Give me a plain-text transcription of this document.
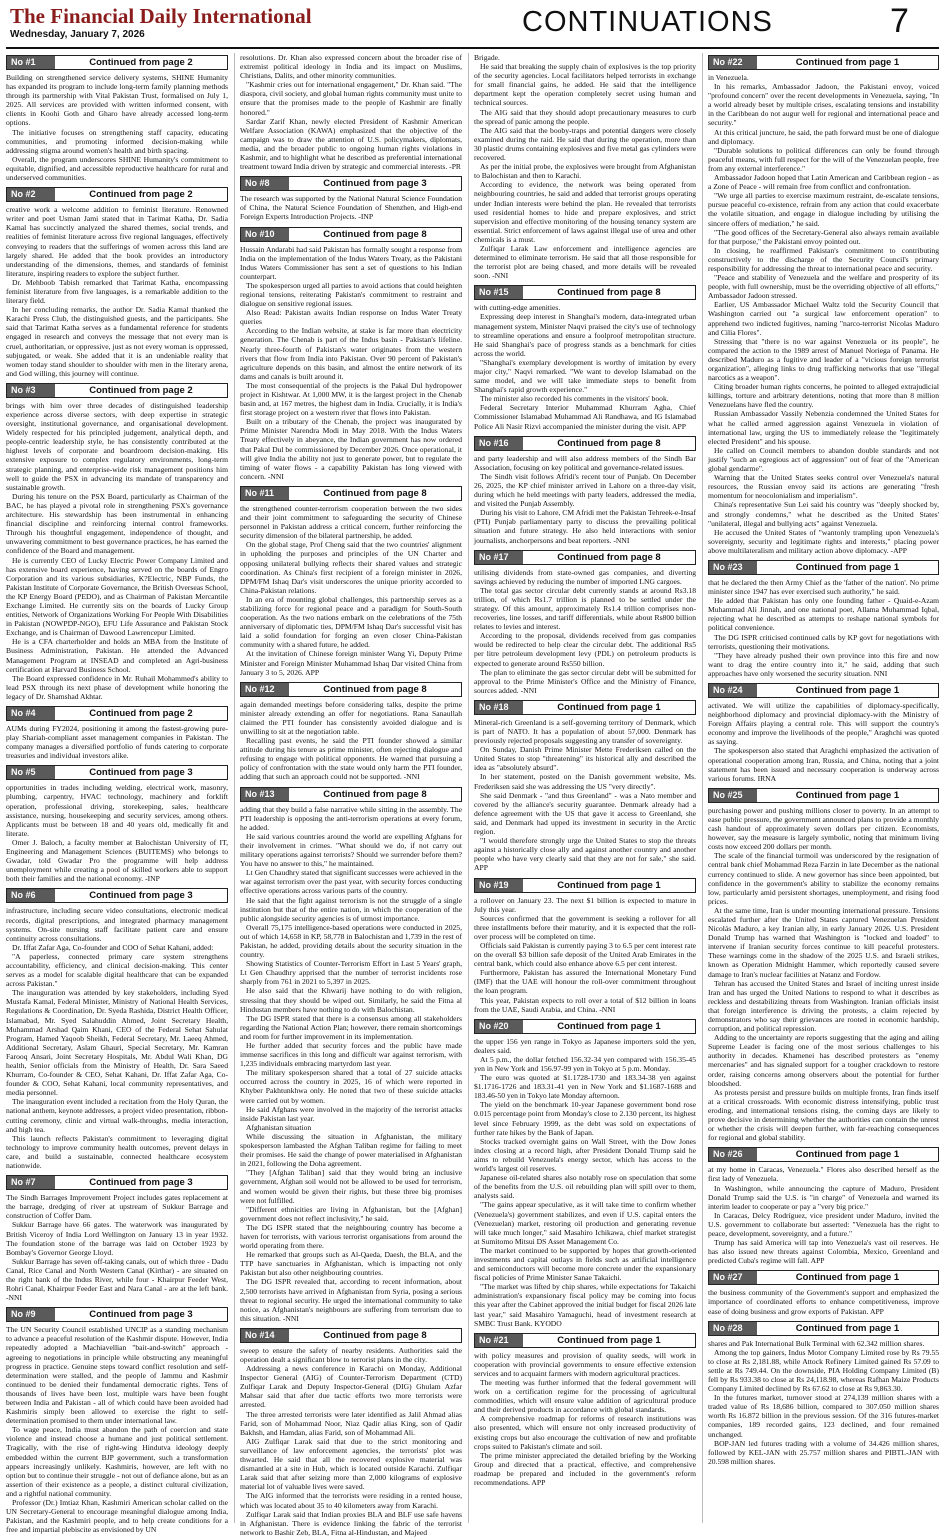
The Financial Daily International
Wednesday, January 7, 2026	CONTINUATIONS	7
No #1	Continued from page 2

Building on strengthened service delivery systems, SHINE Humanity has expanded its program to include long-term family planning methods through its partnership with Vital Pakistan Trust, formalised on July 1, 2025. All services are provided with written informed consent, with clients in Koohi Goth and Gharo have already accessed long-term options.

The initiative focuses on strengthening staff capacity, educating communities, and promoting informed decision-making while addressing stigma around women's health and birth spacing.

Overall, the program underscores SHINE Humanity's commitment to equitable, dignified, and accessible reproductive healthcare for rural and underserved communities.

No #2	Continued from page 2

creative work a welcome addition to feminist literature. Renowned writer and poet Usman Jami stated that in Tarimat Katha, Dr. Sadia Kamal has succinctly analyzed the shared themes, social trends, and realities of feminist literature across five regional languages, effectively conveying to readers that the sufferings of women across this land are largely shared. He added that the book provides an introductory understanding of the dimensions, themes, and standards of feminist literature, inspiring readers to explore the subject further.

Dr. Mehboob Tabish remarked that Tarimat Katha, encompassing feminist literature from five languages, is a remarkable addition to the literary field.

In her concluding remarks, the author Dr. Sadia Kamal thanked the Karachi Press Club, the distinguished guests, and the participants. She said that Tarimat Katha serves as a fundamental reference for students engaged in research and conveys the message that not every man is cruel, authoritarian, or oppressive, just as not every woman is oppressed, subjugated, or weak. She added that it is an undeniable reality that women today stand shoulder to shoulder with men in the literary arena, and God willing, this journey will continue.

No #3	Continued from page 2

brings with him over three decades of distinguished leadership experience across diverse sectors, with deep expertise in strategic oversight, institutional governance, and organisational development. Widely respected for his principled judgement, analytical depth, and people-centric leadership style, he has consistently contributed at the highest levels of corporate and boardroom decision-making. His extensive exposure to complex regulatory environments, long-term strategic planning, and enterprise-wide risk management positions him well to guide the PSX in advancing its mandate of transparency and sustainable growth.

During his tenure on the PSX Board, particularly as Chairman of the BAC, he has played a pivotal role in strengthening PSX's governance architecture. His stewardship has been instrumental in enhancing financial discipline and reinforcing internal control frameworks. Through his thoughtful engagement, independence of thought, and unwavering commitment to best governance practices, he has earned the confidence of the Board and management.

He is currently CEO of Lucky Electric Power Company Limited and has extensive board experience, having served on the boards of Engro Corporation and its various subsidiaries, K?Electric, NBP Funds, the Pakistan Institute of Corporate Governance, the British Overseas School, the KP Energy Board (PEDO), and as Chairman of Pakistan Mercantile Exchange Limited. He currently sits on the boards of Lucky Group entities, Network of Organizations Working For People With Disabilities in Pakistan (NOWPDP-NGO), EFU Life Assurance and Pakistan Stock Exchange, and is Chairman of Dawood Lawrencepur Limited.

He is a CFA charterholder and holds an MBA from the Institute of Business Administration, Pakistan. He attended the Advanced Management Program at INSEAD and completed an Agri-business certification at Harvard Business School.

The Board expressed confidence in Mr. Ruhail Mohammed's ability to lead PSX through its next phase of development while honoring the legacy of Dr. Shamshad Akhtar.

No #4	Continued from page 2

AUMs during FY2024, positioning it among the fastest-growing pure-play Shariah-compliant asset management companies in Pakistan. The company manages a diversified portfolio of funds catering to corporate treasuries and individual investors alike.

No #5	Continued from page 3

opportunities in trades including welding, electrical work, masonry, plumbing, carpentry, HVAC technology, machinery and forklift operation, professional driving, storekeeping, sales, healthcare assistance, nursing, housekeeping and security services, among others. Applicants must be between 18 and 40 years old, medically fit and literate.

Omer J. Baloch, a faculty member at Balochistan University of IT, Engineering and Management Sciences (BUITEMS) who belongs to Gwadar, told Gwadar Pro the programme will help address unemployment while creating a pool of skilled workers able to support both their families and the national economy. -INP

No #6	Continued from page 3

infrastructure, including secure video consultations, electronic medical records, digital prescriptions, and integrated pharmacy management systems. On-site nursing staff facilitate patient care and ensure continuity across consultations.

Dr. Iffat Zafar Aga, Co-founder and COO of Sehat Kahani, added:

"A paperless, connected primary care system strengthens accountability, efficiency, and clinical decision-making. This center serves as a model for scalable digital healthcare that can be expanded across Pakistan."

The inauguration was attended by key stakeholders, including Syed Mustafa Kamal, Federal Minister, Ministry of National Health Services, Regulations & Coordination, Dr. Syeda Rashida, District Health Officer, Islamabad, Mr. Syed Salahuddin Ahmed, Joint Secretary Health, Muhammad Arshad Qaim Khani, CEO of the Federal Sehat Sahulat Program, Hamed Yaqoob Sheikh, Federal Secretary, Mr. Laeeq Ahmed, Additional Secretary, Aslam Ghauri, Special Secretary, Mr. Kamran Farooq Ansari, Joint Secretary Hospitals, Mr. Abdul Wali Khan, DG health, Senior officials from the Ministry of Health, Dr. Sara Saeed Khurram, Co-founder & CEO, Sehat Kahani, Dr. Iffat Zafar Aga, Co-founder & COO, Sehat Kahani, local community representatives, and media personnel.

The inauguration event included a recitation from the Holy Quran, the national anthem, keynote addresses, a project video presentation, ribbon-cutting ceremony, clinic and virtual walk-throughs, media interaction, and high tea.

This launch reflects Pakistan's commitment to leveraging digital technology to improve community health outcomes, prevent delays in care, and build a sustainable, connected healthcare ecosystem nationwide.

No #7	Continued from page 3

The Sindh Barrages Improvement Project includes gates replacement at the barrage, dredging of river at upstream of Sukkur Barrage and construction of Coffer Dam.

Sukkur Barrage have 66 gates. The waterwork was inaugurated by British Viceroy of India Lord Wellington on January 13 in year 1932. The foundation stone of the barrage was laid on October 1923 by Bombay's Governor George Lloyd.

Sukkur Barrage has seven off-taking canals, out of which three - Dadu Canal, Rice Canal and North Western Canal (Kirthar) - are situated on the right bank of the Indus River, while four - Khairpur Feeder West, Rohri Canal, Khairpur Feeder East and Nara Canal - are at the left bank. -NNI

No #9	Continued from page 3

The UN Security Council established UNCIP as a standing mechanism to advance a peaceful resolution of the Kashmir dispute. However, India repeatedly adopted a Machiavellian "bait-and-switch" approach - agreeing to negotiations in principle while obstructing any meaningful progress in practice. Genuine steps toward conflict resolution and self-determination were stalled, and the people of Jammu and Kashmir continued to be denied their fundamental democratic rights. Tens of thousands of lives have been lost, multiple wars have been fought between India and Pakistan - all of which could have been avoided had Kashmiris simply been allowed to exercise the right to self-determination promised to them under international law.

To wage peace, India must abandon the path of coercion and state violence and instead choose a humane and just political settlement. Tragically, with the rise of right-wing Hindutva ideology deeply embedded within the current BJP government, such a transformation appears increasingly unlikely. Kashmiris, however, are left with no option but to continue their struggle - not out of defiance alone, but as an assertion of their existence as a people, a distinct cultural civilization, and a rightful national community.

Professor (Dr.) Imtiaz Khan, Kashmiri American scholar called on the UN Secretary-General to encourage meaningful dialogue among India, Pakistan, and the Kashmiri people, and to help create conditions for a free and impartial plebiscite as envisioned by UN

resolutions. Dr. Khan also expressed concern about the broader rise of extremist political ideology in India and its impact on Muslims, Christians, Dalits, and other minority communities.

"Kashmir cries out for international engagement," Dr. Khan said. "The diaspora, civil society, and global human rights community must unite to ensure that the promises made to the people of Kashmir are finally honored."

Sardar Zarif Khan, newly elected President of Kashmir American Welfare Association (KAWA) emphasized that the objective of the campaign was to draw the attention of U.S. policymakers, diplomats, media, and the broader public to ongoing human rights violations in Kashmir, and to highlight what he described as preferential international treatment toward India driven by strategic and commercial interests. -PR

No #8	Continued from page 3

The research was supported by the National Natural Science Foundation of China, the Natural Science Foundation of Shenzhen, and High-end Foreign Experts Introduction Projects. -INP

No #10	Continued from page 8

Hussain Andarabi had said Pakistan has formally sought a response from India on the implementation of the Indus Waters Treaty, as the Pakistani Indus Waters Commissioner has sent a set of questions to his Indian counterpart.

The spokesperson urged all parties to avoid actions that could heighten regional tensions, reiterating Pakistan's commitment to restraint and dialogue on sensitive regional issues.

Also Read: Pakistan awaits Indian response on Indus Water Treaty queries

According to the Indian website, at stake is far more than electricity generation. The Chenab is part of the Indus basin - Pakistan's lifeline. Nearly three-fourth of Pakistan's water originates from the western rivers that flow from India into Pakistan. Over 90 percent of Pakistan's agriculture depends on this basin, and almost the entire network of its dams and canals is built around it.

The most consequential of the projects is the Pakal Dul hydropower project in Kishtwar. At 1,000 MW, it is the largest project in the Chenab basin and, at 167 metres, the highest dam in India. Crucially, it is India's first storage project on a western river that flows into Pakistan.

Built on a tributary of the Chenab, the project was inaugurated by Prime Minister Narendra Modi in May 2018. With the Indus Waters Treaty effectively in abeyance, the Indian government has now ordered that Pakal Dul be commissioned by December 2026. Once operational, it will give India the ability not just to generate power, but to regulate the timing of water flows - a capability Pakistan has long viewed with concern. -NNI

No #11	Continued from page 8

the strengthened counter-terrorism cooperation between the two sides and their joint commitment to safeguarding the security of Chinese personnel in Pakistan address a critical concern, further reinforcing the security dimension of the bilateral partnership, he added.

On the global stage, Prof Cheng said that the two countries' alignment in upholding the purposes and principles of the UN Charter and opposing unilateral bullying reflects their shared values and strategic coordination. As China's first recipient of a foreign minister in 2026, DPM/FM Ishaq Dar's visit underscores the unique priority accorded to China-Pakistan relations.

In an era of mounting global challenges, this partnership serves as a stabilizing force for regional peace and a paradigm for South-South cooperation. As the two nations embark on the celebrations of the 75th anniversary of diplomatic ties, DPM/FM Ishaq Dar's successful visit has laid a solid foundation for forging an even closer China-Pakistan community with a shared future, he added.

At the invitation of Chinese foreign minister Wang Yi, Deputy Prime Minister and Foreign Minister Muhammad Ishaq Dar visited China from January 3 to 5, 2026. APP

No #12	Continued from page 8

again demanded meetings before considering talks, despite the prime minister already extending an offer for negotiations. Rana Sanaullah claimed the PTI founder has consistently avoided dialogue and is unwilling to sit at the negotiation table.

Recalling past events, he said the PTI founder showed a similar attitude during his tenure as prime minister, often rejecting dialogue and refusing to engage with political opponents. He warned that pursuing a policy of confrontation with the state would only harm the PTI founder, adding that such an approach could not be supported. -NNI

No #13	Continued from page 8

adding that they build a false narrative while sitting in the assembly. The PTI leadership is opposing the anti-terrorism operations at every forum, he added.

He said various countries around the world are expelling Afghans for their involvement in crimes. "What should we do, if not carry out military operations against terrorists? Should we surrender before them? You have no answer to this," he maintained.

Lt Gen Chaudhry stated that significant successes were achieved in the war against terrorism over the past year, with security forces conducting effective operations across various parts of the country.

He said that the fight against terrorism is not the struggle of a single institution but that of the entire nation, in which the cooperation of the public alongside security agencies is of utmost importance.

Overall 75,175 intelligence-based operations were conducted in 2025, out of which 14,658 in KP, 58,778 in Balochistan and 1,739 in the rest of Pakistan, he added, providing details about the security situation in the country.

Showing Statistics of Counter-Terrorism Effort in Last 5 Years' graph, Lt Gen Chaudhry apprised that the number of terrorist incidents rose sharply from 761 in 2021 to 5,397 in 2025.

He also said that the Khwarij have nothing to do with religion, stressing that they should be wiped out. Similarly, he said the Fitna al Hindustan members have nothing to do with Balochistan.

The DG ISPR stated that there is a consensus among all stakeholders regarding the National Action Plan; however, there remain shortcomings and room for further improvement in its implementation.

He further added that security forces and the public have made immense sacrifices in this long and difficult war against terrorism, with 1,235 individuals embracing martyrdom last year.

The military spokesperson shared that a total of 27 suicide attacks occurred across the country in 2025, 16 of which were reported in Khyber Pakhtunkhwa only. He noted that two of these suicide attacks were carried out by women.

He said Afghans were involved in the majority of the terrorist attacks inside Pakistan last year.

Afghanistan situation

While discussing the situation in Afghanistan, the military spokesperson lambasted the Afghan Taliban regime for failing to meet their promises. He said the change of power materialised in Afghanistan in 2021, following the Doha agreement.

"They [Afghan Taliban] said that they would bring an inclusive government, Afghan soil would not be allowed to be used for terrorism, and women would be given their rights, but these three big promises were not fulfilled.

"Different ethnicities are living in Afghanistan, but the [Afghan] government does not reflect inclusivity," he said.

The DG ISPR stated that the neighbouring country has become a haven for terrorists, with various terrorist organisations from around the world operating from there.

He remarked that groups such as Al-Qaeda, Daesh, the BLA, and the TTP have sanctuaries in Afghanistan, which is impacting not only Pakistan but also other neighbouring countries.

The DG ISPR revealed that, according to recent information, about 2,500 terrorists have arrived in Afghanistan from Syria, posing a serious threat to regional security. He urged the international community to take notice, as Afghanistan's neighbours are suffering from terrorism due to this situation. -NNI

No #14	Continued from page 8

sweep to ensure the safety of nearby residents. Authorities said the operation dealt a significant blow to terrorist plans in the city.

Addressing a news conference in Karachi on Monday, Additional Inspector General (AIG) of Counter-Terrorism Department (CTD) Zulfiqar Larak and Deputy Inspector-General (DIG) Ghulam Azfar Mahsar said that after due tactic efforts two more terrorists were arrested.

The three arrested terrorists were later identified as Jalil Ahmad alias Farid, son of Mohammad Noor, Niaz Qadir alias King, son of Qadir Bakhsh, and Hamdan, alias Farid, son of Mohammad Ali.

AIG Zulfiqar Larak said that due to the strict monitoring and surveillance of law enforcement agencies, the terrorists' plot was thwarted. He said that all the recovered explosive material was dismantled at a site in Hub, which is located outside Karachi. Zulfiqar Larak said that after seizing more than 2,000 kilograms of explosive material lot of valuable lives were saved.

The AIG informed that the terrorists were residing in a rented house, which was located about 35 to 40 kilometers away from Karachi.

Zulfiqar Larak said that Indian proxies BLA and BLF use safe havens in Afghanistan. There is evidence linking the fabric of the terrorist network to Bashir Zeb, BLA, Fitna al-Hindustan, and Majeed

Brigade.

He said that breaking the supply chain of explosives is the top priority of the security agencies. Local facilitators helped terrorists in exchange for small financial gains, he added. He said that the intelligence department kept the operation completely secret using human and technical sources.

The AIG said that they should adopt precautionary measures to curb the spread of panic among the people.

The AIG said that the booby-traps and potential dangers were closely examined during the raid. He said that during the operation, more than 30 plastic drums containing explosives and five metal gas cylinders were recovered.

As per the initial probe, the explosives were brought from Afghanistan to Balochistan and then to Karachi.

According to evidence, the network was being operated from neighbouring countries, he said and added that terrorist groups operating under Indian interests were behind the plan. He revealed that terrorists used residential homes to hide and prepare explosives, and strict supervision and effective monitoring of the housing tenancy system are essential. Strict enforcement of laws against illegal use of urea and other chemicals is a must.

Zulfiqar Larak Law enforcement and intelligence agencies are determined to eliminate terrorism. He said that all those responsible for the terrorist plot are being chased, and more details will be revealed soon. -NNI

No #15	Continued from page 8

with cutting-edge amenities.

Expressing deep interest in Shanghai's modern, data-integrated urban management system, Minister Naqvi praised the city's use of technology to streamline operations and ensure a foolproof metropolitan structure. He said Shanghai's pace of progress stands as a benchmark for cities across the world.

"Shanghai's exemplary development is worthy of imitation by every major city," Naqvi remarked. "We want to develop Islamabad on the same model, and we will take immediate steps to benefit from Shanghai's rapid growth experience."

The minister also recorded his comments in the visitors' book.

Federal Secretary Interior Muhammad Khurram Agha, Chief Commissioner Islamabad Muhammad Ali Randhawa, and IG Islamabad Police Ali Nasir Rizvi accompanied the minister during the visit. APP

No #16	Continued from page 8

and party leadership and will also address members of the Sindh Bar Association, focusing on key political and governance-related issues.

The Sindh visit follows Afridi's recent tour of Punjab. On December 26, 2025, the KP chief minister arrived in Lahore on a three-day visit, during which he held meetings with party leaders, addressed the media, and visited the Punjab Assembly.

During his visit to Lahore, CM Afridi met the Pakistan Tehreek-e-Insaf (PTI) Punjab parliamentary party to discuss the prevailing political situation and future strategy. He also held interactions with senior journalists, anchorpersons and beat reporters. -NNI

No #17	Continued from page 8

utilising dividends from state-owned gas companies, and diverting savings achieved by reducing the number of imported LNG cargoes.

The total gas sector circular debt currently stands at around Rs3.18 trillion, of which Rs1.7 trillion is planned to be settled under the strategy. Of this amount, approximately Rs1.4 trillion comprises non-recoveries, line losses, and tariff differentials, while about Rs800 billion relates to levies and interest.

According to the proposal, dividends received from gas companies would be redirected to help clear the circular debt. The additional Rs5 per litre petroleum development levy (PDL) on petroleum products is expected to generate around Rs550 billion.

The plan to eliminate the gas sector circular debt will be submitted for approval to the Prime Minister's Office and the Ministry of Finance, sources added. -NNI

No #18	Continued from page 1

Mineral-rich Greenland is a self-governing territory of Denmark, which is part of NATO. It has a population of about 57,000. Denmark has previously rejected proposals suggesting any transfer of sovereignty.

On Sunday, Danish Prime Minister Mette Frederiksen called on the United States to stop "threatening" its historical ally and described the idea as "absolutely absurd".

In her statement, posted on the Danish government website, Ms. Frederiksen said she was addressing the US "very directly".

She said Denmark - "and thus Greenland" - was a Nato member and covered by the alliance's security guarantee. Denmark already had a defence agreement with the US that gave it access to Greenland, she said, and Denmark had upped its investment in security in the Arctic region.

"I would therefore strongly urge the United States to stop the threats against a historically close ally and against another country and another people who have very clearly said that they are not for sale," she said. APP

No #19	Continued from page 1

a rollover on January 23. The next $1 billion is expected to mature in July this year.

Sources confirmed that the government is seeking a rollover for all three installments before their maturity, and it is expected that the roll-over process will be completed on time.

Officials said Pakistan is currently paying 3 to 6.5 per cent interest rate on the overall $3 billion safe deposit of the United Arab Emirates in the central bank, which could also enhance above 6.5 per cent interest.

Furthermore, Pakistan has assured the International Monetary Fund (IMF) that the UAE will honour the roll-over commitment throughout the loan program.

This year, Pakistan expects to roll over a total of $12 billion in loans from the UAE, Saudi Arabia, and China. -NNI

No #20	Continued from page 1

the upper 156 yen range in Tokyo as Japanese importers sold the yen, dealers said.

At 5 p.m., the dollar fetched 156.32-34 yen compared with 156.35-45 yen in New York and 156.97-99 yen in Tokyo at 5 p.m. Monday.

The euro was quoted at $1.1728-1730 and 183.34-38 yen against $1.1716-1726 and 183.31-41 yen in New York and $1.1687-1688 and 183.46-50 yen in Tokyo late Monday afternoon.

The yield on the benchmark 10-year Japanese government bond rose 0.015 percentage point from Monday's close to 2.130 percent, its highest level since February 1999, as the debt was sold on expectations of further rate hikes by the Bank of Japan.

Stocks tracked overnight gains on Wall Street, with the Dow Jones index closing at a record high, after President Donald Trump said he aims to rebuild Venezuela's energy sector, which has access to the world's largest oil reserves.

Japanese oil-related shares also notably rose on speculation that some of the benefits from the U.S. oil rebuilding plan will spill over to them, analysts said.

"The gains appear speculative, as it will take time to confirm whether (Venezuela's) government stabilizes, and even if U.S. capital enters the (Venezuelan) market, restoring oil production and generating revenue will take much longer," said Masahiro Ichikawa, chief market strategist at Sumitomo Mitsui DS Asset Management Co.

The market continued to be supported by hopes that growth-oriented investments and capital outlays in fields such as artificial intelligence and semiconductors will become more concrete under the expansionary fiscal policies of Prime Minister Sanae Takaichi.

"The market was lifted by chip shares, while expectations for Takaichi administration's expansionary fiscal policy may be coming into focus this year after the Cabinet approved the initial budget for fiscal 2026 late last year," said Masahiro Yamaguchi, head of investment research at SMBC Trust Bank. KYODO

No #21	Continued from page 1

with policy measures and provision of quality seeds, will work in cooperation with provincial governments to ensure effective extension services and to acquaint farmers with modern agricultural practices.

The meeting was further informed that the federal government will work on a certification regime for the processing of agricultural commodities, which will ensure value addition of agricultural produce and their derived products in accordance with global standards.

A comprehensive roadmap for reforms of research institutions was also presented, which will ensure not only increased productivity of existing crops but also encourage the cultivation of new and profitable crops suited to Pakistan's climate and soil.

The prime minister appreciated the detailed briefing by the Working Group and directed that a practical, effective, and comprehensive roadmap be prepared and included in the government's reform recommendations. APP

No #22	Continued from page 1

in Venezuela.

In his remarks, Ambassador Jadoon, the Pakistani envoy, voiced "profound concern" over the recent developments in Venezuela, saying, "In a world already beset by multiple crises, escalating tensions and instability in the Caribbean do not augur well for regional and international peace and security."

At this critical juncture, he said, the path forward must be one of dialogue and diplomacy.

"Durable solutions to political differences can only be found through peaceful means, with full respect for the will of the Venezuelan people, free from any external interference."

Ambassador Jadoon hoped that Latin American and Caribbean region - as a Zone of Peace - will remain free from conflict and confrontation.

"We urge all parties to exercise maximum restraint, de-escalate tensions, pursue peaceful co-existence, refrain from any action that could exacerbate the volatile situation, and engage in dialogue including by utilising the sincere offers of mediation," he said.

"The good offices of the Secretary-General also always remain available for that purpose," the Pakistani envoy pointed out.

In closing, he reaffirmed Pakistan's commitment to contributing constructively to the discharge of the Security Council's primary responsibility for addressing the threat to international peace and security.

"Peace and stability of Venezuela and the welfare and prosperity of its people, with full ownership, must be the overriding objective of all efforts," Ambassador Jadoon stressed.

Earlier, US Ambassador Michael Waltz told the Security Council that Washington carried out "a surgical law enforcement operation" to apprehend two indicted fugitives, naming "narco-terrorist Nicolas Maduro and Cilia Flores".

Stressing that "there is no war against Venezuela or its people", he compared the action to the 1989 arrest of Manuel Noriega of Panama. He described Maduro as a fugitive and leader of a "vicious foreign terrorist organization", alleging links to drug trafficking networks that use "illegal narcotics as a weapon".

Citing broader human rights concerns, he pointed to alleged extrajudicial killings, torture and arbitrary detentions, noting that more than 8 million Venezuelans have fled the country.

Russian Ambassador Vassily Nebenzia condemned the United States for what he called armed aggression against Venezuela in violation of international law, urging the US to immediately release the "legitimately elected President" and his spouse.

He called on Council members to abandon double standards and not justify "such an egregious act of aggression" out of fear of the "American global gendarme".

Warning that the United States seeks control over Venezuela's natural resources, the Russian envoy said its actions are generating "fresh momentum for neocolonialism and imperialism".

China's representative Sun Lei said his country was "deeply shocked by, and strongly condemns," what he described as the United States' "unilateral, illegal and bullying acts" against Venezuela.

He accused the United States of "wantonly trampling upon Venezuela's sovereignty, security and legitimate rights and interests," placing power above multilateralism and military action above diplomacy. -APP

No #23	Continued from page 1

that he declared the then Army Chief as the 'father of the nation'. No prime minister since 1947 has ever exercised such authority," he said.

He added that Pakistan has only one founding father - Quaid-e-Azam Muhammad Ali Jinnah, and one national poet, Allama Muhammad Iqbal, rejecting what he described as attempts to reshape national symbols for political convenience.

The DG ISPR criticised continued calls by KP govt for negotiations with terrorists, questioning their motivations.

"They have already pushed their own province into this fire and now want to drag the entire country into it," he said, adding that such approaches have only worsened the security situation. NNI

No #24	Continued from page 1

activated. We will utilize the capabilities of diplomacy-specifically, neighborhood diplomacy and provincial diplomacy-with the Ministry of Foreign Affairs playing a central role. This will support the country's economy and improve the livelihoods of the people," Araghchi was quoted as saying.

The spokesperson also stated that Araghchi emphasized the activation of operational cooperation among Iran, Russia, and China, noting that a joint statement has been issued and necessary cooperation is underway across various forums. IRNA

No #25	Continued from page 1

purchasing power and pushing millions closer to poverty. In an attempt to ease public pressure, the government announced plans to provide a monthly cash handout of approximately seven dollars per citizen. Economists, however, say the measure is largely symbolic, noting that minimum living costs now exceed 200 dollars per month.

The scale of the financial turmoil was underscored by the resignation of central bank chief Mohammad Reza Farzin in late December as the national currency continued to slide. A new governor has since been appointed, but confidence in the government's ability to stabilize the economy remains low, particularly amid persistent shortages, unemployment, and rising food prices.

At the same time, Iran is under mounting international pressure. Tensions escalated further after the United States captured Venezuelan President Nicolás Maduro, a key Iranian ally, in early January 2026. U.S. President Donald Trump has warned that Washington is "locked and loaded" to intervene if Iranian security forces continue to kill peaceful protesters. These warnings come in the shadow of the 2025 U.S. and Israeli strikes, known as Operation Midnight Hammer, which reportedly caused severe damage to Iran's nuclear facilities at Natanz and Fordow.

Tehran has accused the United States and Israel of inciting unrest inside Iran and has urged the United Nations to respond to what it describes as reckless and destabilizing threats from Washington. Iranian officials insist that foreign interference is driving the protests, a claim rejected by demonstrators who say their grievances are rooted in economic hardship, corruption, and political repression.

Adding to the uncertainty are reports suggesting that the aging and ailing Supreme Leader is facing one of the most serious challenges to his authority in decades. Khamenei has described protesters as "enemy mercenaries" and has signaled support for a tougher crackdown to restore order, raising concerns among observers about the potential for further bloodshed.

As protests persist and pressure builds on multiple fronts, Iran finds itself at a critical crossroads. With economic distress intensifying, public trust eroding, and international tensions rising, the coming days are likely to prove decisive in determining whether the authorities can contain the unrest or whether the crisis will deepen further, with far-reaching consequences for regional and global stability.

No #26	Continued from page 1

at my home in Caracas, Venezuela." Flores also described herself as the first lady of Venezuela.

In Washington, while announcing the capture of Maduro, President Donald Trump said the U.S. is "in charge" of Venezuela and warned its interim leader to cooperate or pay a "very big price."

In Caracas, Delcy Rodríguez, vice president under Maduro, invited the U.S. government to collaborate but asserted: "Venezuela has the right to peace, development, sovereignty, and a future."

Trump has said America will tap into Venezuela's vast oil reserves. He has also issued new threats against Colombia, Mexico, Greenland and predicted Cuba's regime will fall. APP

No #27	Continued from page 1

the business community of the Government's support and emphasized the importance of coordinated efforts to enhance competitiveness, improve ease of doing business and grow exports of Pakistan. APP

No #28	Continued from page 1

shares and Pak International Bulk Terminal with 62.342 million shares.

Among the top gainers, Indus Motor Company Limited rose by Rs 79.55 to close at Rs 2,181.88, while Attock Refinery Limited gained Rs 57.09 to settle at Rs 749.44. On the downside, PIA Holding Company Limited (B) fell by Rs 933.38 to close at Rs 24,118.98, whereas Rafhan Maize Products Company Limited declined by Rs 67.62 to close at Rs 9,863.30.

In the futures market, turnover stood at 274,139 million shares with a traded value of Rs 18,686 billion, compared to 307.050 million shares worth Rs 16.872 billion in the previous session. Of the 316 futures-market companies, 189 recorded gains, 123 declined, and four remained unchanged.

BOP-JAN led futures trading with a volume of 34.426 million shares, followed by KEL-JAN with 25.757 million shares and PIBTL-JAN with 20.598 million shares.
